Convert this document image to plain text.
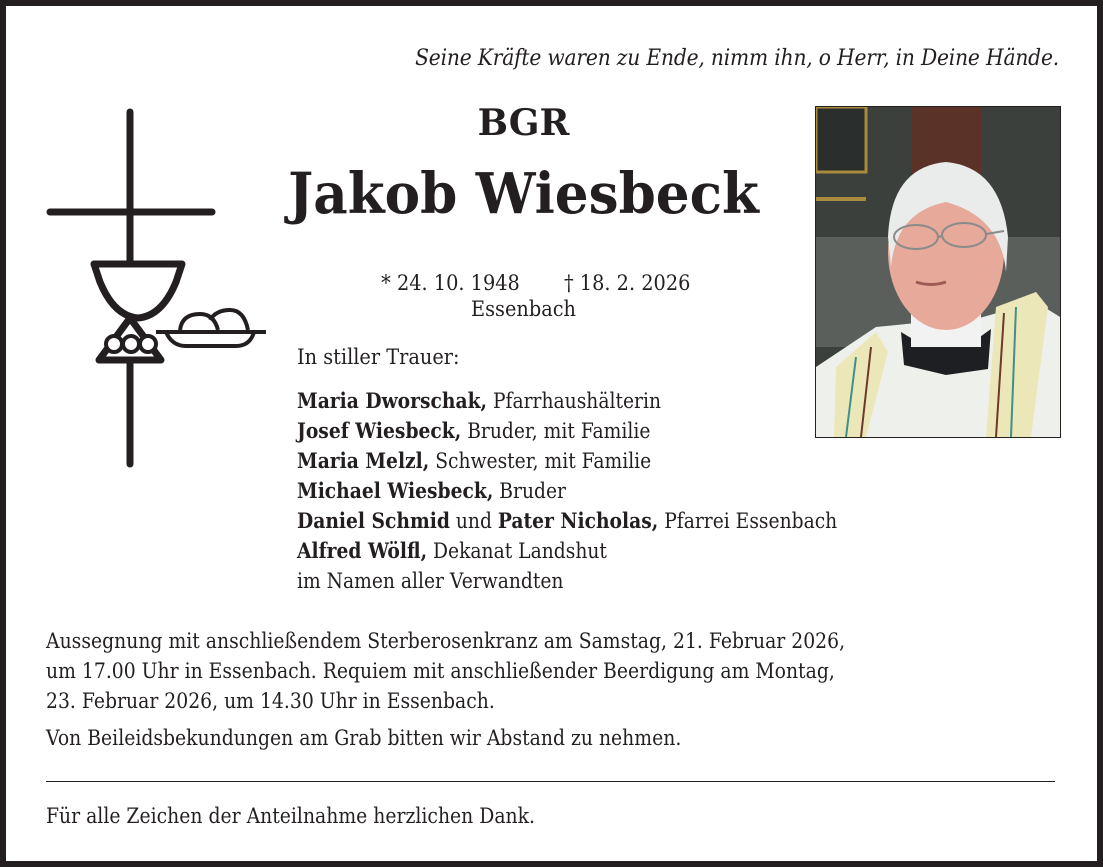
Seine Kräfte waren zu Ende, nimm ihn, o Herr, in Deine Hände.
BGR
Jakob Wiesbeck

* 24. 10. 1948 † 18. 2. 2026

Essenbach
In stiller Trauer:
Maria Dworschak, Pfarrhaushälterin
Josef Wiesbeck, Bruder, mit Familie
Maria Melzl, Schwester, mit Familie
Michael Wiesbeck, Bruder
Daniel Schmid und Pater Nicholas, Pfarrei Essenbach
Alfred Wölfl, Dekanat Landshut
im Namen aller Verwandten

Aussegnung mit anschließendem Sterberosenkranz am Samstag, 21. Februar 2026,
um 17.00 Uhr in Essenbach. Requiem mit anschließender Beerdigung am Montag,
23. Februar 2026, um 14.30 Uhr in Essenbach.

Von Beileidsbekundungen am Grab bitten wir Abstand zu nehmen.

Für alle Zeichen der Anteilnahme herzlichen Dank.
